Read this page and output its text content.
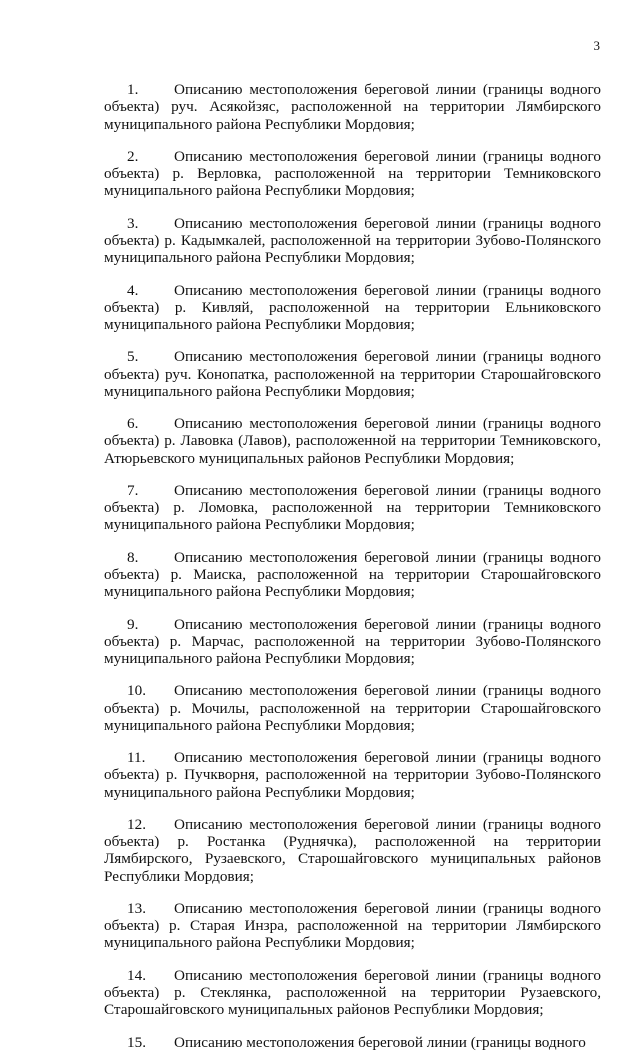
3

1. Описанию местоположения береговой линии (границы водного объекта) руч. Асякойзяс, расположенной на территории Лямбирского муниципального района Республики Мордовия;

2. Описанию местоположения береговой линии (границы водного объекта) р. Верловка, расположенной на территории Темниковского муниципального района Республики Мордовия;

3. Описанию местоположения береговой линии (границы водного объекта) р. Кадымкалей, расположенной на территории Зубово-Полянского муниципального района Республики Мордовия;

4. Описанию местоположения береговой линии (границы водного объекта) р. Кивляй, расположенной на территории Ельниковского муниципального района Республики Мордовия;

5. Описанию местоположения береговой линии (границы водного объекта) руч. Конопатка, расположенной на территории Старошайговского муниципального района Республики Мордовия;

6. Описанию местоположения береговой линии (границы водного объекта) р. Лавовка (Лавов), расположенной на территории Темниковского, Атюрьевского муниципальных районов Республики Мордовия;

7. Описанию местоположения береговой линии (границы водного объекта) р. Ломовка, расположенной на территории Темниковского муниципального района Республики Мордовия;

8. Описанию местоположения береговой линии (границы водного объекта) р. Маиска, расположенной на территории Старошайговского муниципального района Республики Мордовия;

9. Описанию местоположения береговой линии (границы водного объекта) р. Марчас, расположенной на территории Зубово-Полянского муниципального района Республики Мордовия;

10. Описанию местоположения береговой линии (границы водного объекта) р. Мочилы, расположенной на территории Старошайговского муниципального района Республики Мордовия;

11. Описанию местоположения береговой линии (границы водного объекта) р. Пучкворня, расположенной на территории Зубово-Полянского муниципального района Республики Мордовия;

12. Описанию местоположения береговой линии (границы водного объекта) р. Ростанка (Руднячка), расположенной на территории Лямбирского, Рузаевского, Старошайговского муниципальных районов Республики Мордовия;

13. Описанию местоположения береговой линии (границы водного объекта) р. Старая Инзра, расположенной на территории Лямбирского муниципального района Республики Мордовия;

14. Описанию местоположения береговой линии (границы водного объекта) р. Стеклянка, расположенной на территории Рузаевского, Старошайговского муниципальных районов Республики Мордовия;

15. Описанию местоположения береговой линии (границы водного
